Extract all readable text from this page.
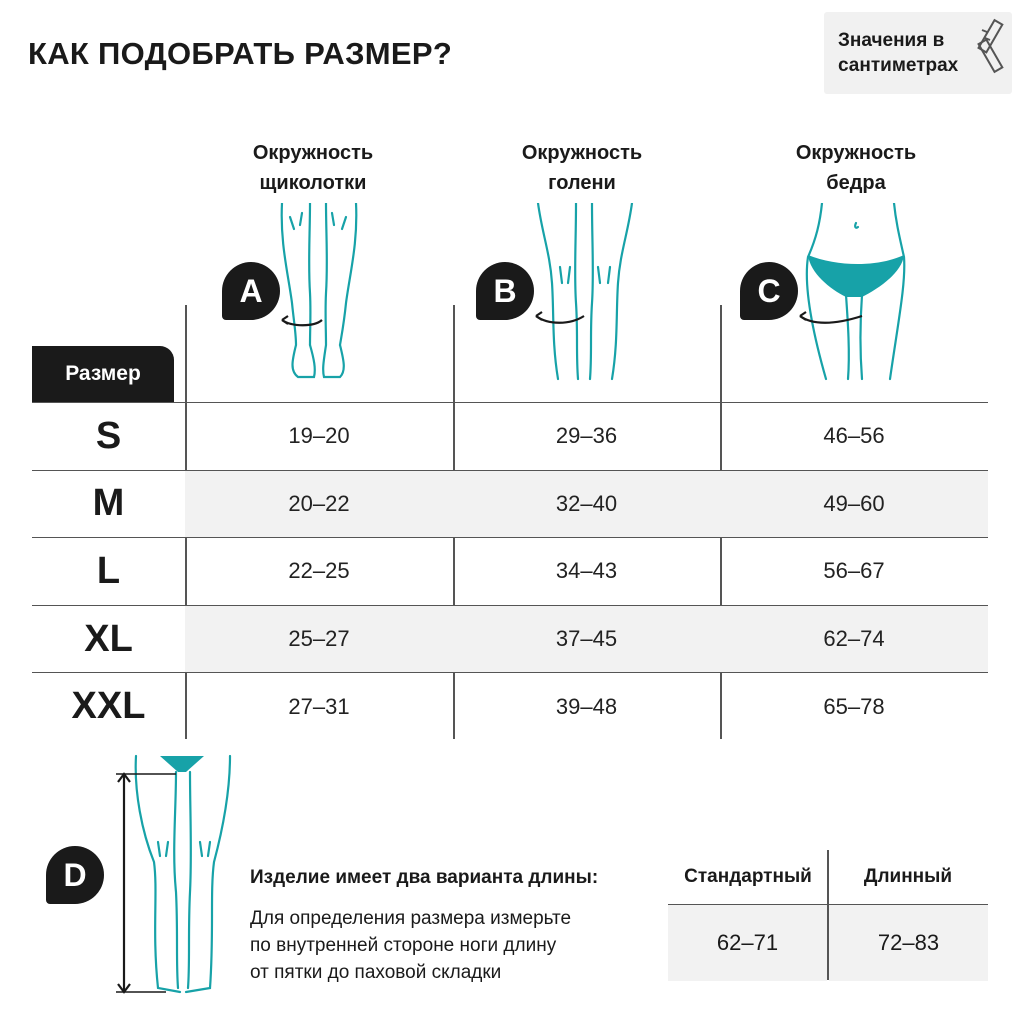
КАК ПОДОБРАТЬ РАЗМЕР?	Значения в
сантиметрах
Окружность
щиколотки
Окружность
голени
Окружность
бедра
A	B	C
Размер
S	19–20	29–36	46–56
M	20–22	32–40	49–60
L	22–25	34–43	56–67
XL	25–27	37–45	62–74
XXL	27–31	39–48	65–78
D	Изделие имеет два варианта длины:
Для определения размера измерьте
по внутренней стороне ноги длину
от пятки до паховой складки
Стандартный	Длинный
62–71	72–83
